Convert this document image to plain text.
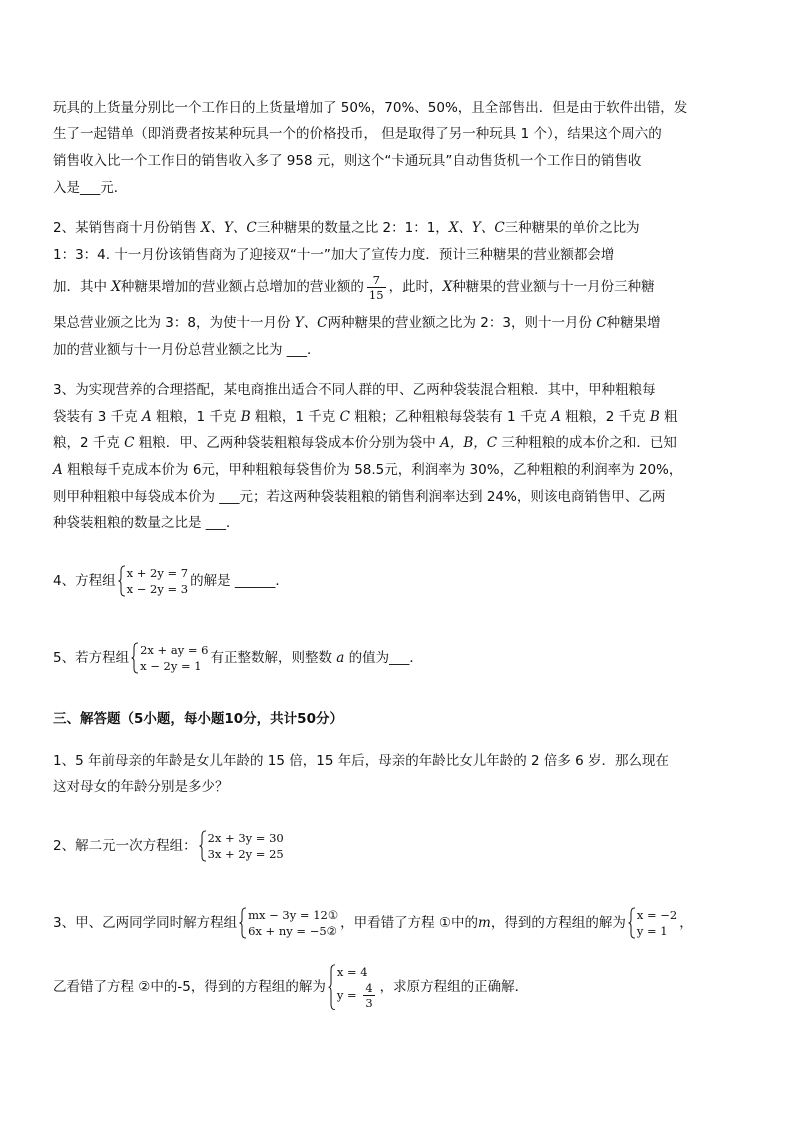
玩具的上货量分别比一个工作日的上货量增加了 50%，70%、50%，且全部售出．但是由于软件出错，发
生了一起错单（即消费者按某种玩具一个的价格投币， 但是取得了另一种玩具 1 个），结果这个周六的
销售收入比一个工作日的销售收入多了 958 元，则这个“卡通玩具”自动售货机一个工作日的销售收
入是___元．
2、某销售商十月份销售 X、Y、C三种糖果的数量之比 2：1：1，X、Y、C三种糖果的单价之比为
1：3：4. 十一月份该销售商为了迎接双“十一”加大了宣传力度．预计三种糖果的营业额都会增
加．其中 X种糖果增加的营业额占总增加的营业额的 $\frac{7}{15}$ ，此时，X种糖果的营业额与十一月份三种糖
果总营业颁之比为 3：8，为使十一月份 Y、C两种糖果的营业额之比为 2：3，则十一月份 C种糖果增
加的营业额与十一月份总营业额之比为 ___．
3、为实现营养的合理搭配，某电商推出适合不同人群的甲、乙两种袋装混合粗粮．其中，甲种粗粮每
袋装有 3 千克 A 粗粮，1 千克 B 粗粮，1 千克 C 粗粮；乙种粗粮每袋装有 1 千克 A 粗粮，2 千克 B 粗
粮，2 千克 C 粗粮．甲、乙两种袋装粗粮每袋成本价分别为袋中 A，B，C 三种粗粮的成本价之和．已知
A 粗粮每千克成本价为 6元，甲种粗粮每袋售价为 58.5元，利润率为 30%，乙种粗粮的利润率为 20%，
则甲种粗粮中每袋成本价为 ___元；若这两种袋装粗粮的销售利润率达到 24%，则该电商销售甲、乙两
种袋装粗粮的数量之比是 ___．
4、方程组 x + 2y = 7
x − 2y = 3 的解是 ______．
5、若方程组 2x + ay = 6
x − 2y = 1 有正整数解，则整数 a 的值为___．
三、解答题（5小题，每小题10分，共计50分）
1、5 年前母亲的年龄是女儿年龄的 15 倍，15 年后，母亲的年龄比女儿年龄的 2 倍多 6 岁．那么现在
这对母女的年龄分别是多少？
2、解二元一次方程组： 2x + 3y = 30
3x + 2y = 25
3、甲、乙两同学同时解方程组 mx − 3y = 12①
6x + ny = −5② ，甲看错了方程 ①中的m，得到的方程组的解为 x = −2
y = 1 ，
乙看错了方程 ②中的-5，得到的方程组的解为
x = 4
$y = \frac{4}{3}$ ，求原方程组的正确解．
